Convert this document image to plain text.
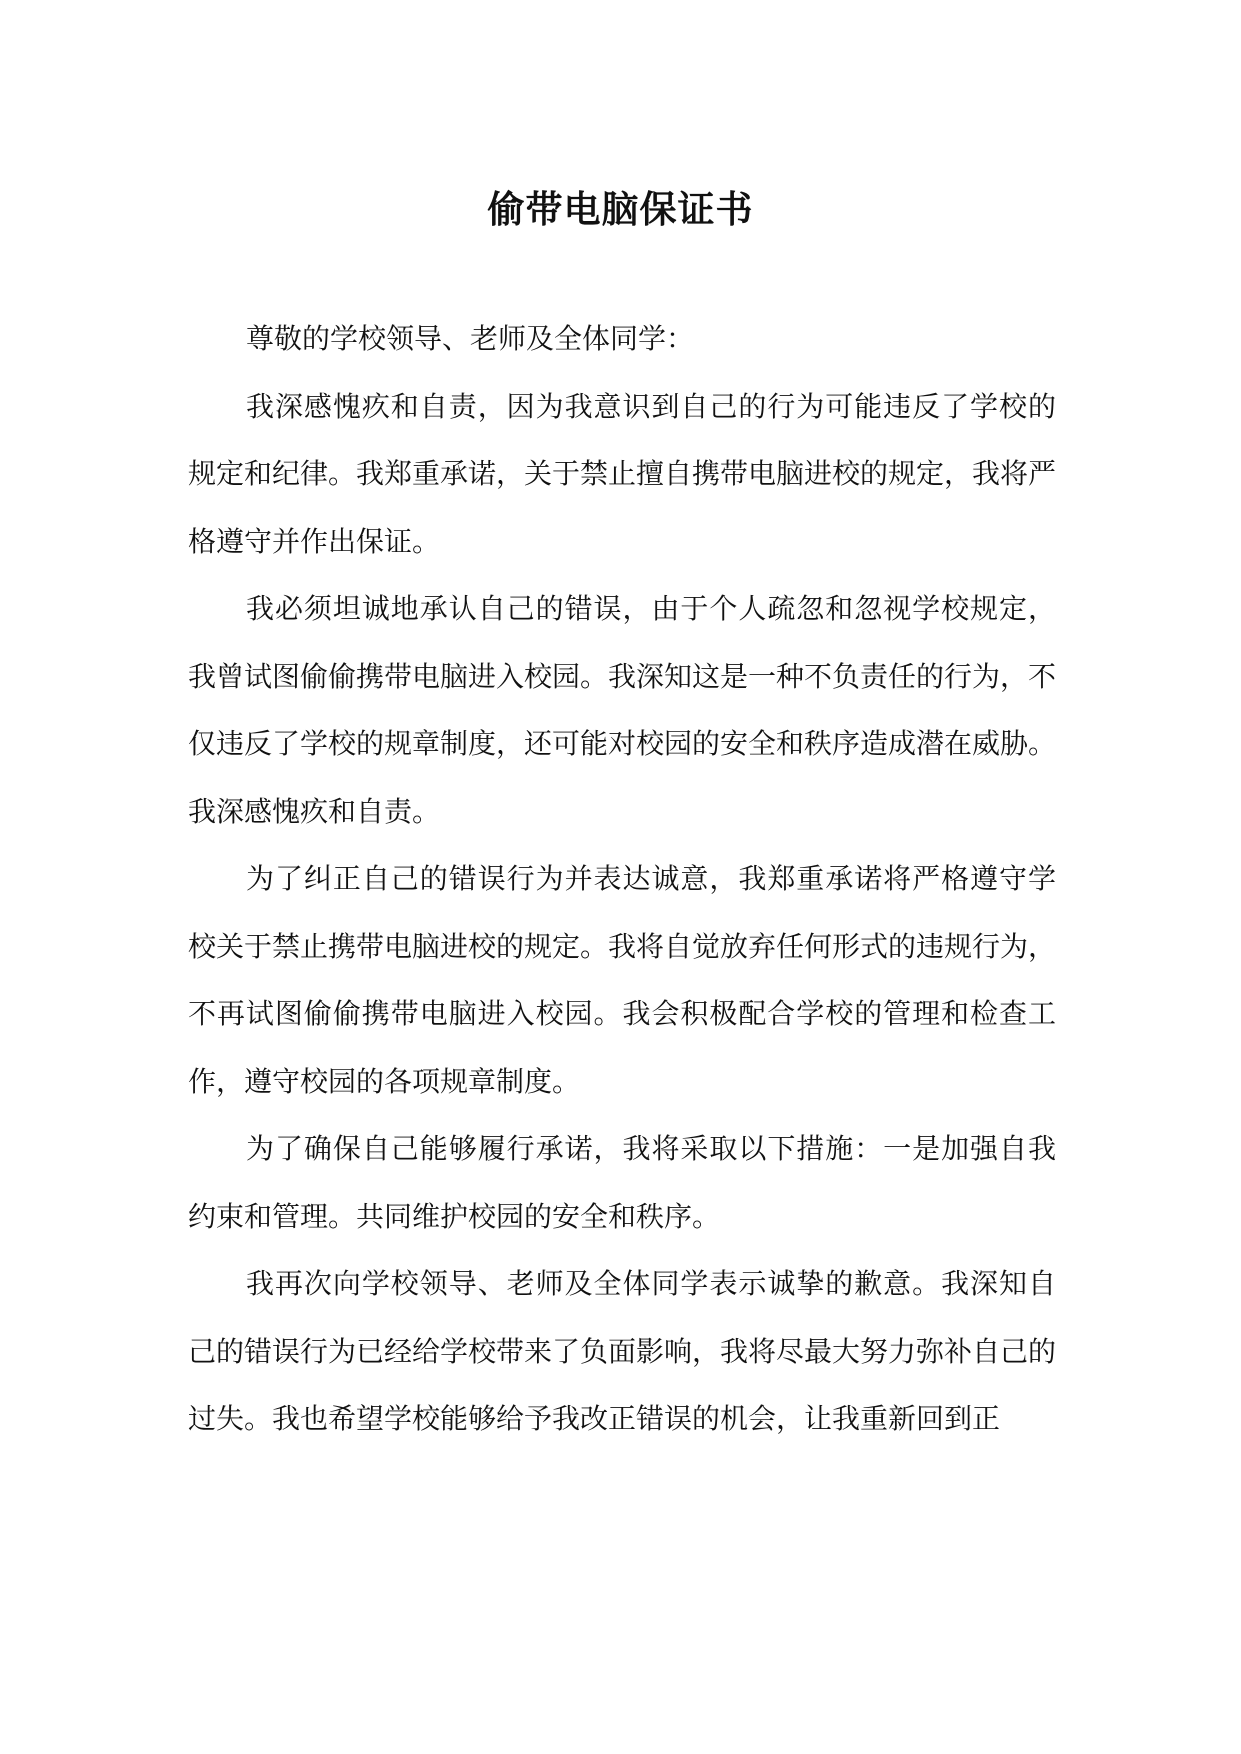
偷带电脑保证书

尊敬的学校领导、老师及全体同学：

我深感愧疚和自责，因为我意识到自己的行为可能违反了学校的规定和纪律。我郑重承诺，关于禁止擅自携带电脑进校的规定，我将严格遵守并作出保证。

我必须坦诚地承认自己的错误，由于个人疏忽和忽视学校规定，我曾试图偷偷携带电脑进入校园。我深知这是一种不负责任的行为，不仅违反了学校的规章制度，还可能对校园的安全和秩序造成潜在威胁。我深感愧疚和自责。

为了纠正自己的错误行为并表达诚意，我郑重承诺将严格遵守学校关于禁止携带电脑进校的规定。我将自觉放弃任何形式的违规行为，不再试图偷偷携带电脑进入校园。我会积极配合学校的管理和检查工作，遵守校园的各项规章制度。

为了确保自己能够履行承诺，我将采取以下措施：一是加强自我约束和管理。共同维护校园的安全和秩序。

我再次向学校领导、老师及全体同学表示诚挚的歉意。我深知自己的错误行为已经给学校带来了负面影响，我将尽最大努力弥补自己的过失。我也希望学校能够给予我改正错误的机会，让我重新回到正
